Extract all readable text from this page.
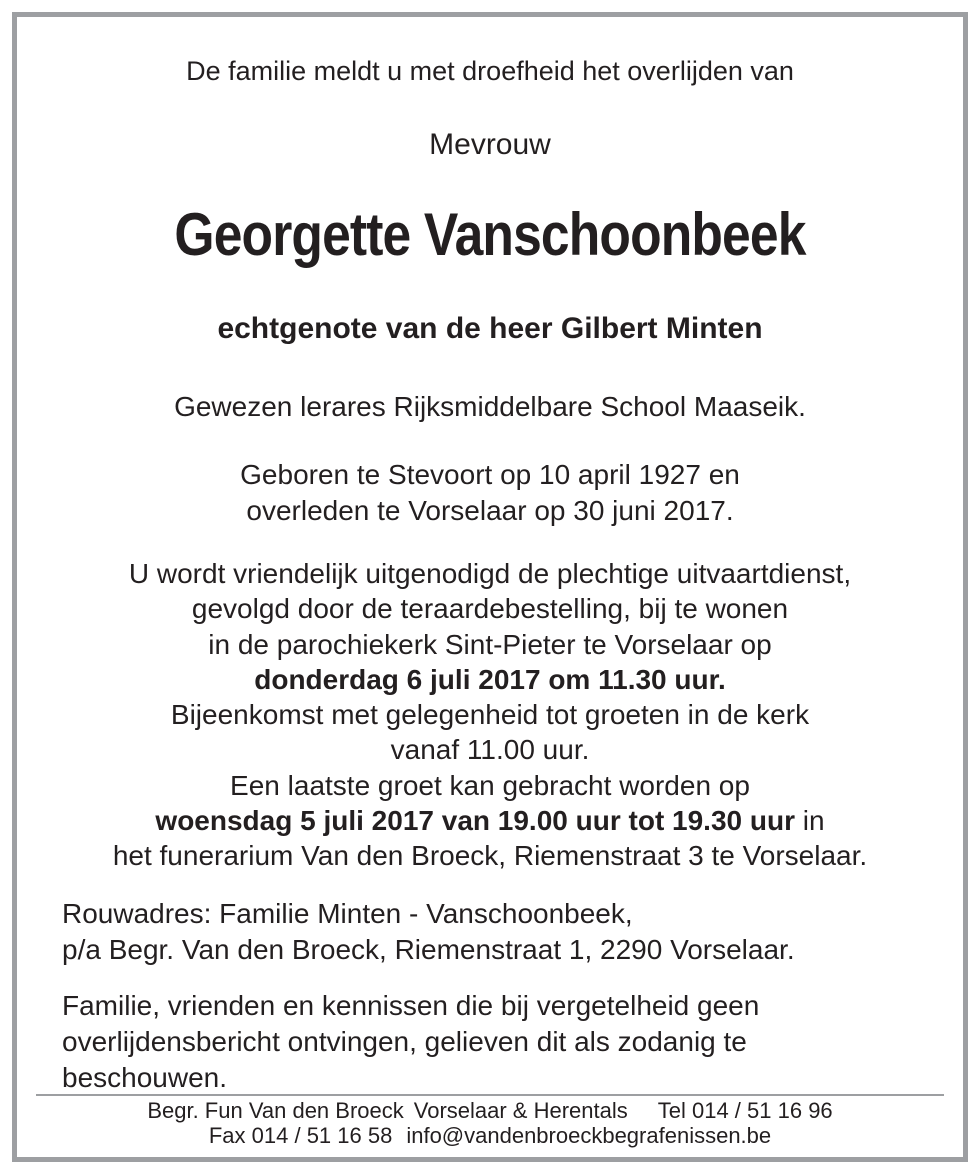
De familie meldt u met droefheid het overlijden van
Mevrouw
Georgette Vanschoonbeek
echtgenote van de heer Gilbert Minten
Gewezen lerares Rijksmiddelbare School Maaseik.
Geboren te Stevoort op 10 april 1927 en
overleden te Vorselaar op 30 juni 2017.
U wordt vriendelijk uitgenodigd de plechtige uitvaartdienst,
gevolgd door de teraardebestelling, bij te wonen
in de parochiekerk Sint-Pieter te Vorselaar op
donderdag 6 juli 2017 om 11.30 uur.
Bijeenkomst met gelegenheid tot groeten in de kerk
vanaf 11.00 uur.
Een laatste groet kan gebracht worden op
woensdag 5 juli 2017 van 19.00 uur tot 19.30 uur in
het funerarium Van den Broeck, Riemenstraat 3 te Vorselaar.
Rouwadres: Familie Minten - Vanschoonbeek,
p/a Begr. Van den Broeck, Riemenstraat 1, 2290 Vorselaar.
Familie, vrienden en kennissen die bij vergetelheid geen
overlijdensbericht ontvingen, gelieven dit als zodanig te
beschouwen.
Begr. Fun Van den Broeck Vorselaar & Herentals Tel 014 / 51 16 96
Fax 014 / 51 16 58 info@vandenbroeckbegrafenissen.be
